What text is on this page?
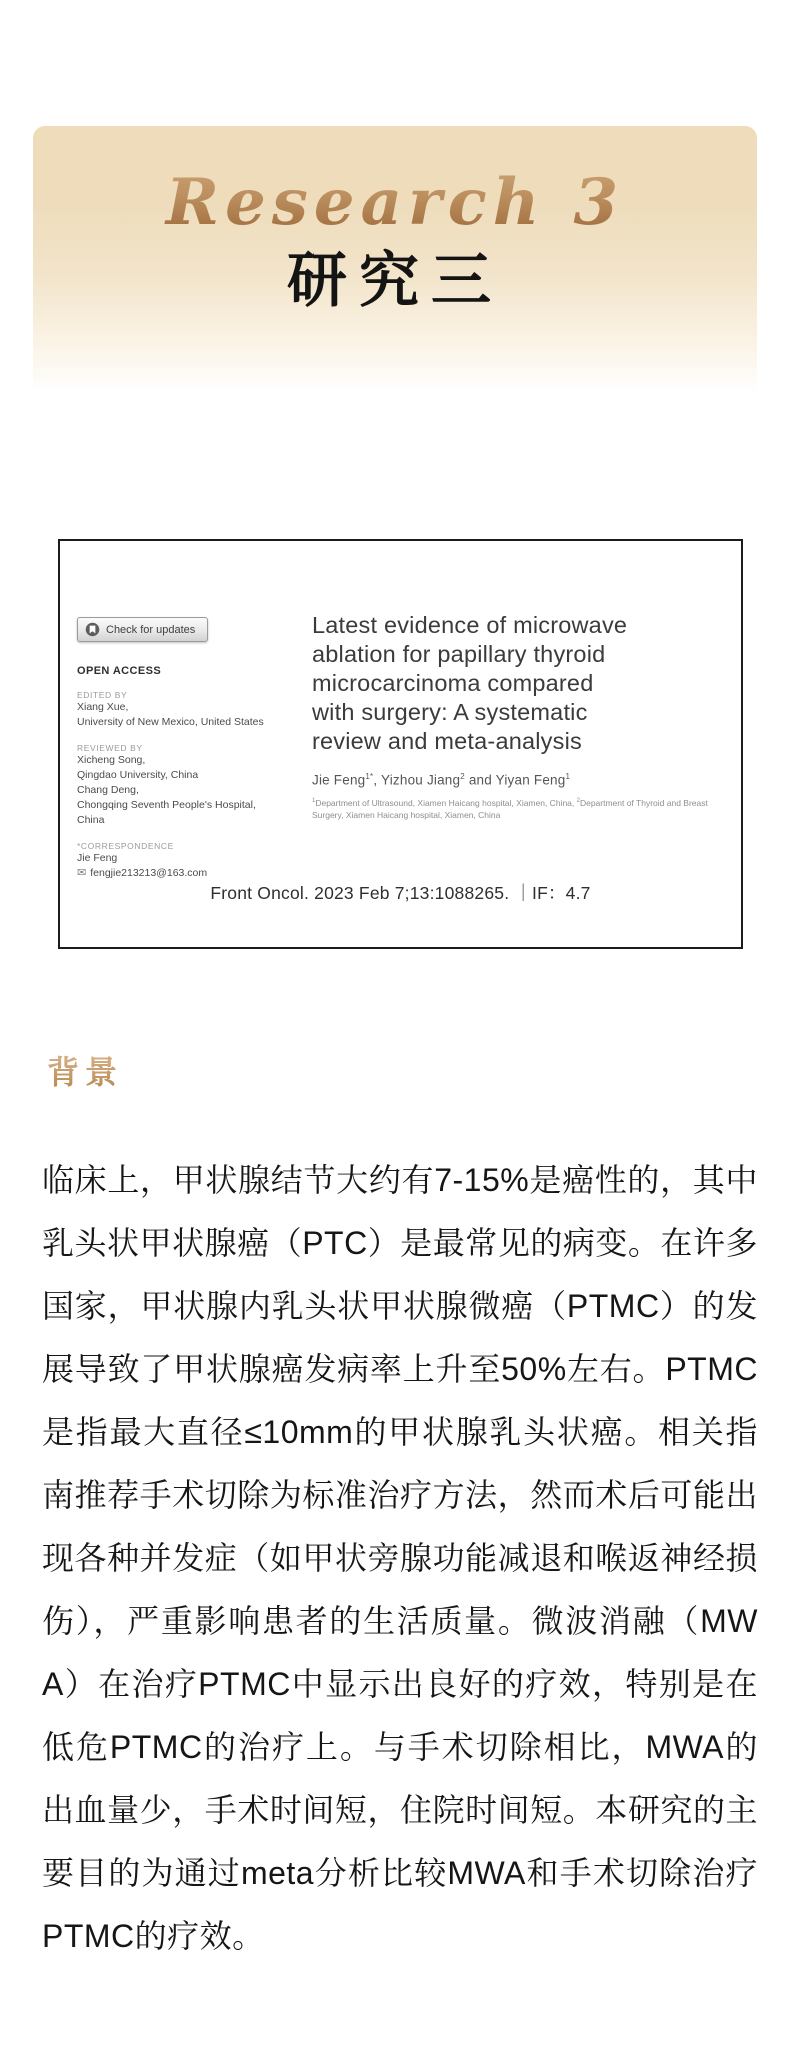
Research 3
研究三
Check for updates
OPEN ACCESS
EDITED BY
Xiang Xue,
University of New Mexico, United States
REVIEWED BY
Xicheng Song,
Qingdao University, China
Chang Deng,
Chongqing Seventh People's Hospital,
China
*CORRESPONDENCE
Jie Feng
✉ fengjie213213@163.com
Latest evidence of microwave
ablation for papillary thyroid
microcarcinoma compared
with surgery: A systematic
review and meta-analysis
Jie Feng$^{1*}$, Yizhou Jiang$^2$ and Yiyan Feng$^1$
$^1$Department of Ultrasound, Xiamen Haicang hospital, Xiamen, China, $^2$Department of Thyroid and Breast Surgery, Xiamen Haicang hospital, Xiamen, China
Front Oncol. 2023 Feb 7;13:1088265. ｜IF：4.7
背景

临床上，甲状腺结节大约有7-15%是癌性的，其中乳头状甲状腺癌（PTC）是最常见的病变。在许多国家，甲状腺内乳头状甲状腺微癌（PTMC）的发展导致了甲状腺癌发病率上升至50%左右。PTMC是指最大直径≤10mm的甲状腺乳头状癌。相关指南推荐手术切除为标准治疗方法，然而术后可能出现各种并发症（如甲状旁腺功能减退和喉返神经损伤），严重影响患者的生活质量。微波消融（MWA）在治疗PTMC中显示出良好的疗效，特别是在低危PTMC的治疗上。与手术切除相比，MWA的出血量少，手术时间短，住院时间短。本研究的主要目的为通过meta分析比较MWA和手术切除治疗PTMC的疗效。
